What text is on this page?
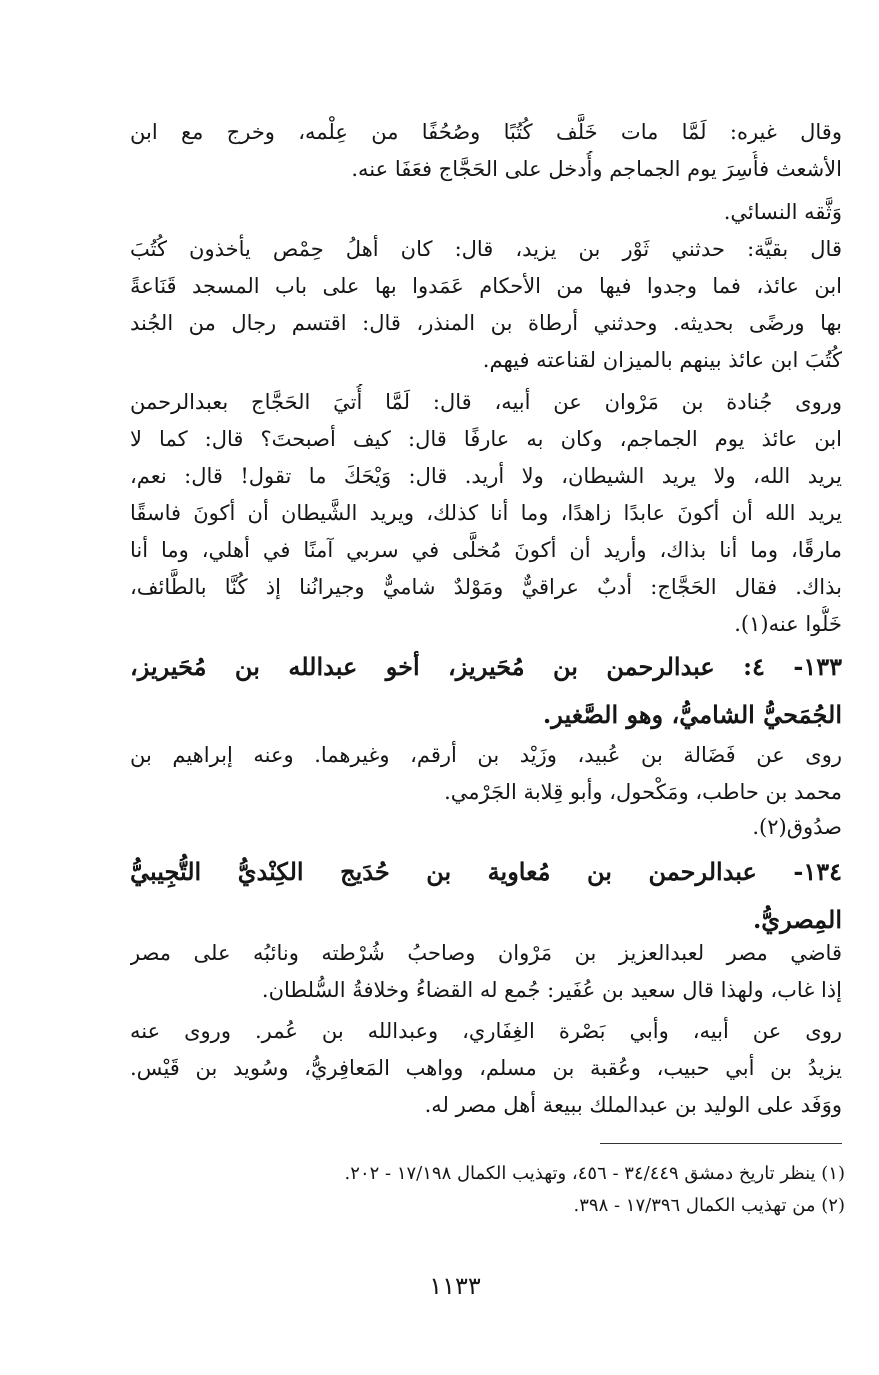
وقال غيره: لَمَّا مات خَلَّف كُتُبًا وصُحُفًا من عِلْمه، وخرج مع ابن
الأشعث فأُسِرَ يوم الجماجم وأُدخل على الحَجَّاج فعَفَا عنه.
وَثَّقه النسائي.
قال بقيَّة: حدثني ثَوْر بن يزيد، قال: كان أهلُ حِمْص يأخذون كُتُبَ
ابن عائذ، فما وجدوا فيها من الأحكام عَمَدوا بها على باب المسجد قَنَاعةً
بها ورضًى بحديثه. وحدثني أرطاة بن المنذر، قال: اقتسم رجال من الجُند
كُتُبَ ابن عائذ بينهم بالميزان لقناعته فيهم.
وروى جُنادة بن مَرْوان عن أبيه، قال: لَمَّا أُتيَ الحَجَّاج بعبدالرحمن
ابن عائذ يوم الجماجم، وكان به عارفًا قال: كيف أصبحتَ؟ قال: كما لا
يريد الله، ولا يريد الشيطان، ولا أريد. قال: وَيْحَكَ ما تقول! قال: نعم،
يريد الله أن أكونَ عابدًا زاهدًا، وما أنا كذلك، ويريد الشَّيطان أن أكونَ فاسقًا
مارقًا، وما أنا بذاك، وأريد أن أكونَ مُخلًّى في سربي آمنًا في أهلي، وما أنا
بذاك. فقال الحَجَّاج: أدبٌ عراقيٌّ ومَوْلدٌ شاميٌّ وجيرانُنا إذ كُنَّا بالطَّائف،
خَلُّوا عنه(١).
١٣٣- ٤: عبدالرحمن بن مُحَيريز، أخو عبدالله بن مُحَيريز،
الجُمَحيُّ الشاميُّ، وهو الصَّغير.
روى عن فَضَالة بن عُبيد، وزَيْد بن أرقم، وغيرهما. وعنه إبراهيم بن
محمد بن حاطب، ومَكْحول، وأبو قِلابة الجَرْمي.
صدُوق(٢).
١٣٤- عبدالرحمن بن مُعاوية بن حُدَيج الكِنْديُّ التُّجِيبيُّ
المِصريُّ.
قاضي مصر لعبدالعزيز بن مَرْوان وصاحبُ شُرْطته ونائبُه على مصر
إذا غاب، ولهذا قال سعيد بن عُفَير: جُمع له القضاءُ وخلافةُ السُّلطان.
روى عن أبيه، وأبي بَصْرة الغِفَاري، وعبدالله بن عُمر. وروى عنه
يزيدُ بن أبي حبيب، وعُقبة بن مسلم، وواهب المَعافِريُّ، وسُويد بن قَيْس.
ووَفَد على الوليد بن عبدالملك ببيعة أهل مصر له.
(١) ينظر تاريخ دمشق ٣٤/٤٤٩ - ٤٥٦، وتهذيب الكمال ١٧/١٩٨ - ٢٠٢.
(٢) من تهذيب الكمال ١٧/٣٩٦ - ٣٩٨.
١١٣٣
